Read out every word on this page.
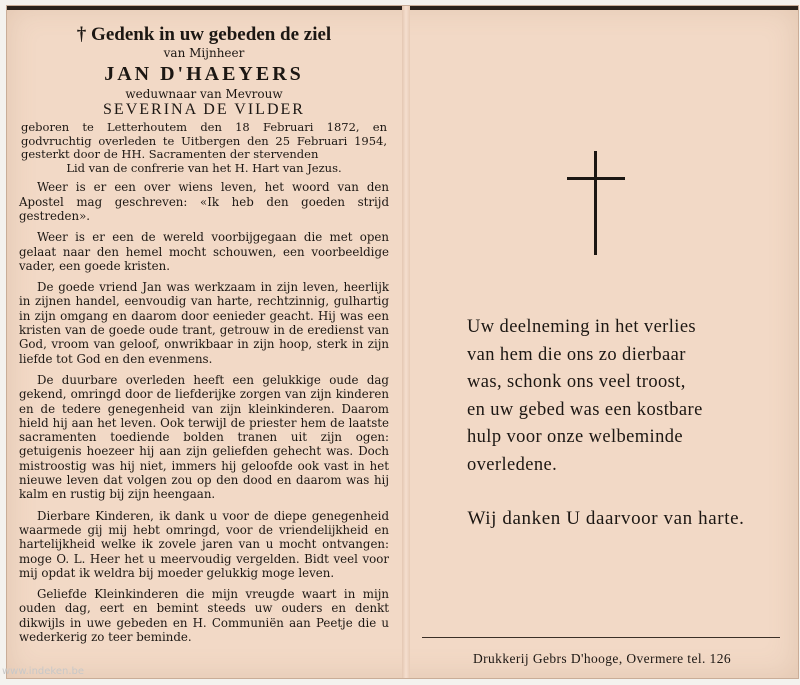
† Gedenk in uw gebeden de ziel
van Mijnheer
JAN D'HAEYERS
weduwnaar van Mevrouw
SEVERINA DE VILDER
geboren te Letterhoutem den 18 Februari 1872, en godvruchtig overleden te Uitbergen den 25 Februari 1954, gesterkt door de HH. Sacramenten der stervenden
Lid van de confrerie van het H. Hart van Jezus.

Weer is er een over wiens leven, het woord van den Apostel mag geschreven: «Ik heb den goeden strijd gestreden».

Weer is er een de wereld voorbijgegaan die met open gelaat naar den hemel mocht schouwen, een voorbeeldige vader, een goede kristen.

De goede vriend Jan was werkzaam in zijn leven, heerlijk in zijnen handel, eenvoudig van harte, rechtzinnig, gulhartig in zijn omgang en daarom door eenieder geacht. Hij was een kristen van de goede oude trant, getrouw in de eredienst van God, vroom van geloof, onwrikbaar in zijn hoop, sterk in zijn liefde tot God en den evenmens.

De duurbare overleden heeft een gelukkige oude dag gekend, omringd door de liefderijke zorgen van zijn kinderen en de tedere genegenheid van zijn kleinkinderen. Daarom hield hij aan het leven. Ook terwijl de priester hem de laatste sacramenten toediende bolden tranen uit zijn ogen: getuigenis hoezeer hij aan zijn geliefden gehecht was. Doch mistroostig was hij niet, immers hij geloofde ook vast in het nieuwe leven dat volgen zou op den dood en daarom was hij kalm en rustig bij zijn heengaan.

Dierbare Kinderen, ik dank u voor de diepe genegenheid waarmede gij mij hebt omringd, voor de vriendelijkheid en hartelijkheid welke ik zovele jaren van u mocht ontvangen: moge O. L. Heer het u meervoudig vergelden. Bidt veel voor mij opdat ik weldra bij moeder gelukkig moge leven.

Geliefde Kleinkinderen die mijn vreugde waart in mijn ouden dag, eert en bemint steeds uw ouders en denkt dikwijls in uwe gebeden en H. Communiën aan Peetje die u wederkerig zo teer beminde.

Uw deelneming in het verlies
van hem die ons zo dierbaar
was, schonk ons veel troost,
en uw gebed was een kostbare
hulp voor onze welbeminde
overledene.
Wij danken U daarvoor van harte.
Drukkerij Gebrs D'hooge, Overmere tel. 126
www.indeken.be
